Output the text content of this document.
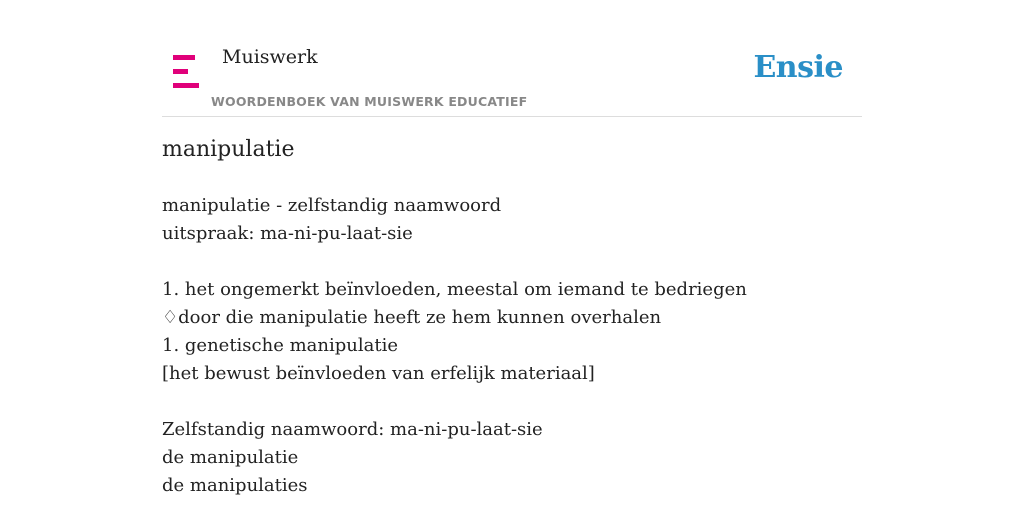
Muiswerk
WOORDENBOEK VAN MUISWERK EDUCATIEF
Ensie
manipulatie
manipulatie - zelfstandig naamwoord
uitspraak: ma-ni-pu-laat-sie
1. het ongemerkt beïnvloeden, meestal om iemand te bedriegen
♢door die manipulatie heeft ze hem kunnen overhalen
1. genetische manipulatie
[het bewust beïnvloeden van erfelijk materiaal]
Zelfstandig naamwoord: ma-ni-pu-laat-sie
de manipulatie
de manipulaties
